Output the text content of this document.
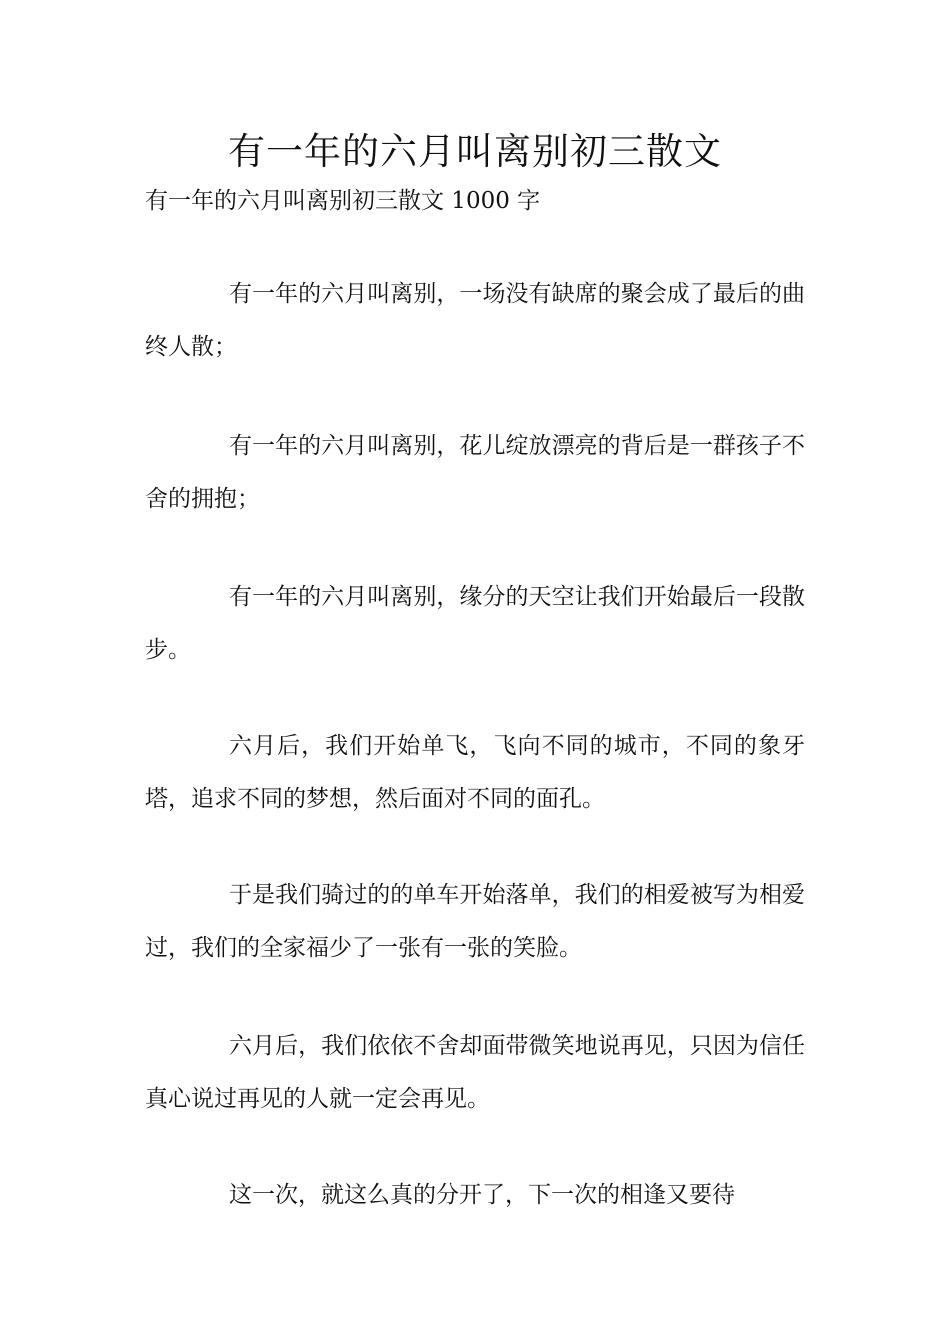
有一年的六月叫离别初三散文
有一年的六月叫离别初三散文 1000 字

有一年的六月叫离别，一场没有缺席的聚会成了最后的曲终人散；

有一年的六月叫离别，花儿绽放漂亮的背后是一群孩子不舍的拥抱；

有一年的六月叫离别，缘分的天空让我们开始最后一段散步。

六月后，我们开始单飞，飞向不同的城市，不同的象牙塔，追求不同的梦想，然后面对不同的面孔。

于是我们骑过的的单车开始落单，我们的相爱被写为相爱过，我们的全家福少了一张有一张的笑脸。

六月后，我们依依不舍却面带微笑地说再见，只因为信任真心说过再见的人就一定会再见。

这一次，就这么真的分开了，下一次的相逢又要待
